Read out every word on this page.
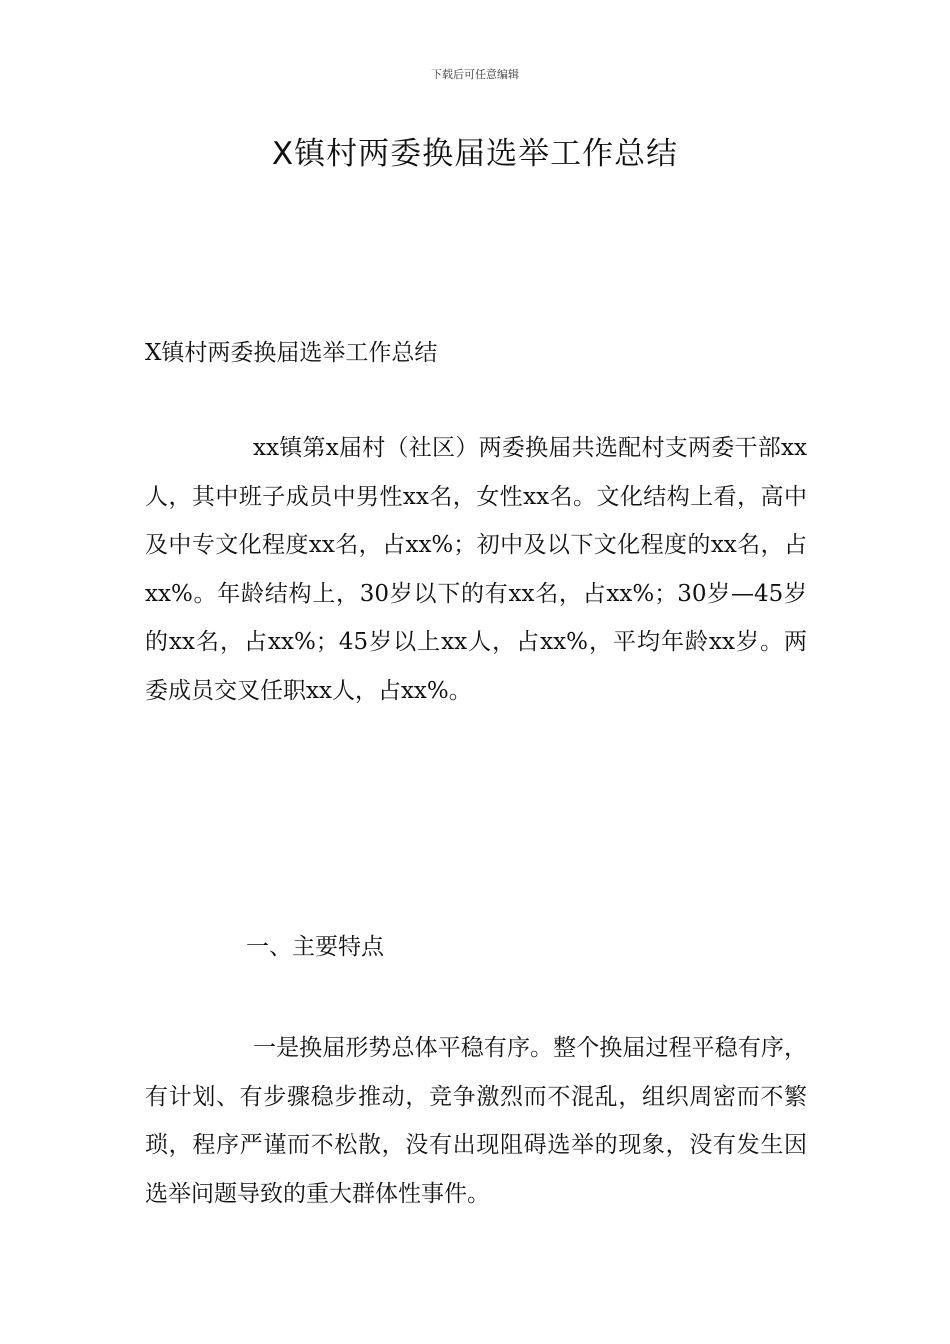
下载后可任意编辑
X镇村两委换届选举工作总结

X镇村两委换届选举工作总结

xx镇第x届村（社区）两委换届共选配村支两委干部xx人，其中班子成员中男性xx名，女性xx名。文化结构上看，高中及中专文化程度xx名，占xx%；初中及以下文化程度的xx名，占xx%。年龄结构上，30岁以下的有xx名，占xx%；30岁—45岁的xx名，占xx%；45岁以上xx人，占xx%，平均年龄xx岁。两委成员交叉任职xx人，占xx%。

一、主要特点

一是换届形势总体平稳有序。整个换届过程平稳有序，有计划、有步骤稳步推动，竞争激烈而不混乱，组织周密而不繁琐，程序严谨而不松散，没有出现阻碍选举的现象，没有发生因选举问题导致的重大群体性事件。
